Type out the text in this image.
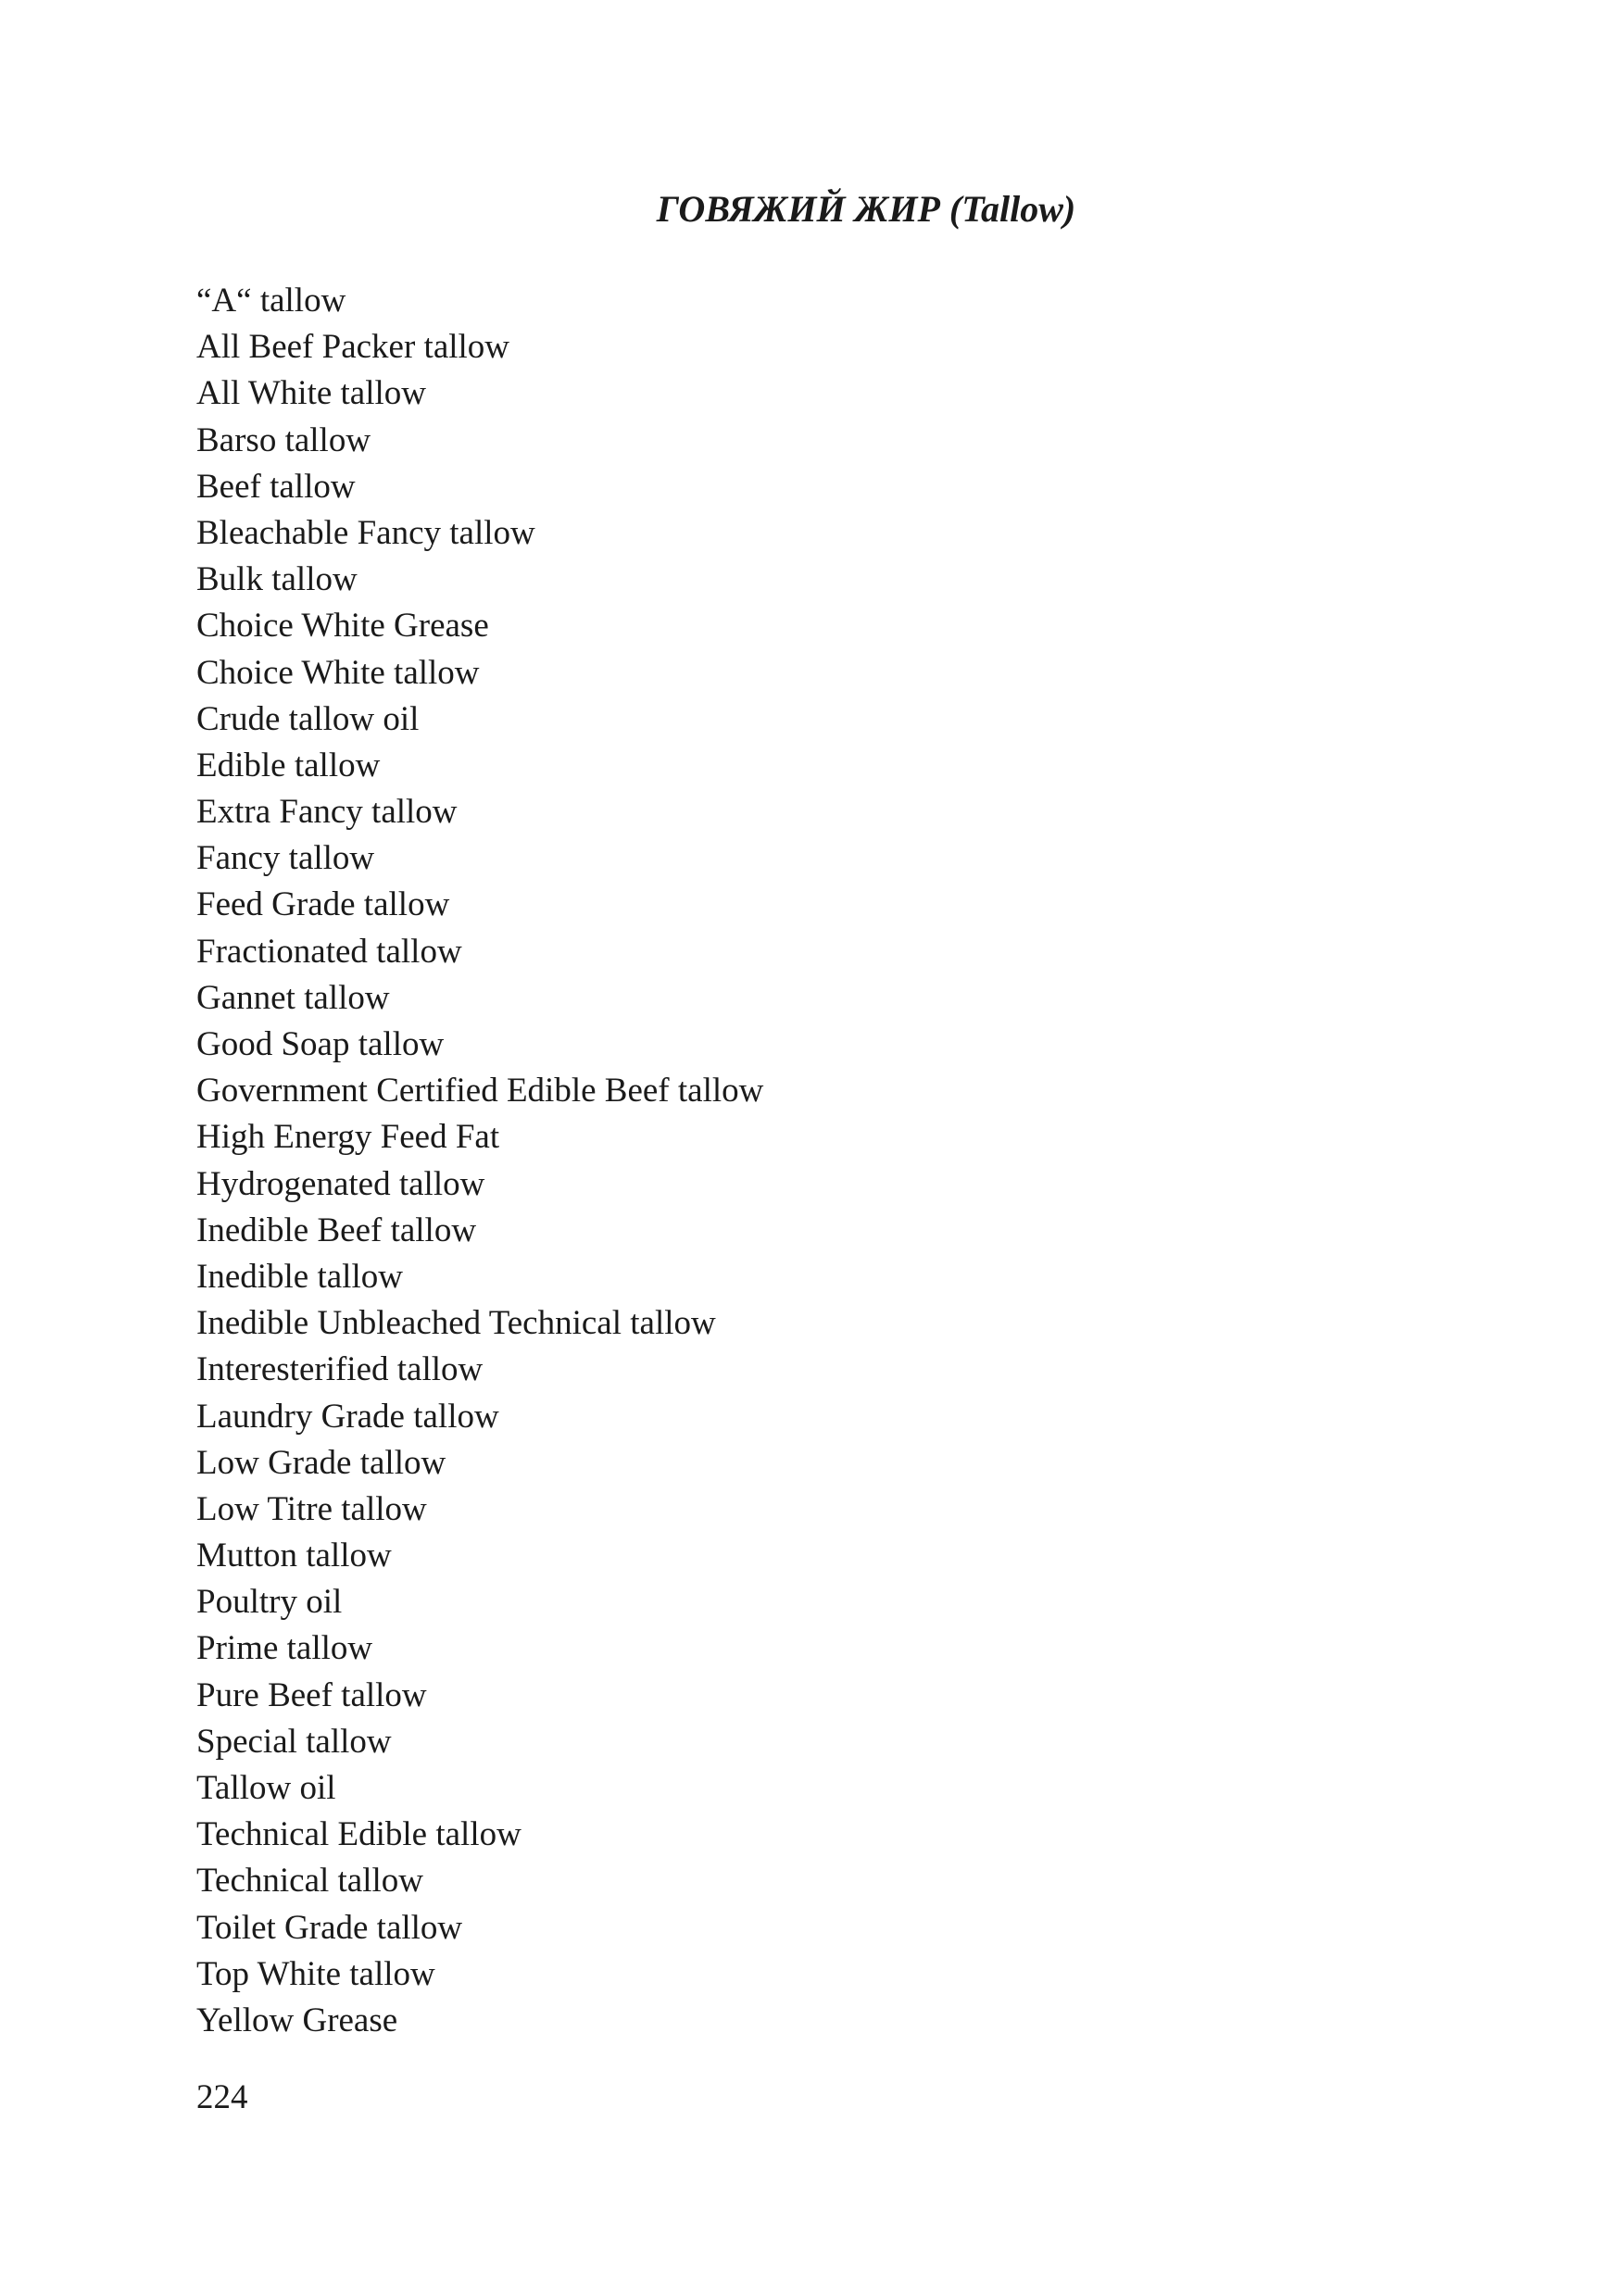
ГОВЯЖИЙ ЖИР (Tallow)
“A“ tallow
All Beef Packer tallow
All White tallow
Barso tallow
Beef tallow
Bleachable Fancy tallow
Bulk tallow
Choice White Grease
Choice White tallow
Crude tallow oil
Edible tallow
Extra Fancy tallow
Fancy tallow
Feed Grade tallow
Fractionated tallow
Gannet tallow
Good Soap tallow
Government Certified Edible Beef tallow
High Energy Feed Fat
Hydrogenated tallow
Inedible Beef tallow
Inedible tallow
Inedible Unbleached Technical tallow
Interesterified tallow
Laundry Grade tallow
Low Grade tallow
Low Titre tallow
Mutton tallow
Poultry oil
Prime tallow
Pure Beef tallow
Special tallow
Tallow oil
Technical Edible tallow
Technical tallow
Toilet Grade tallow
Top White tallow
Yellow Grease
224
